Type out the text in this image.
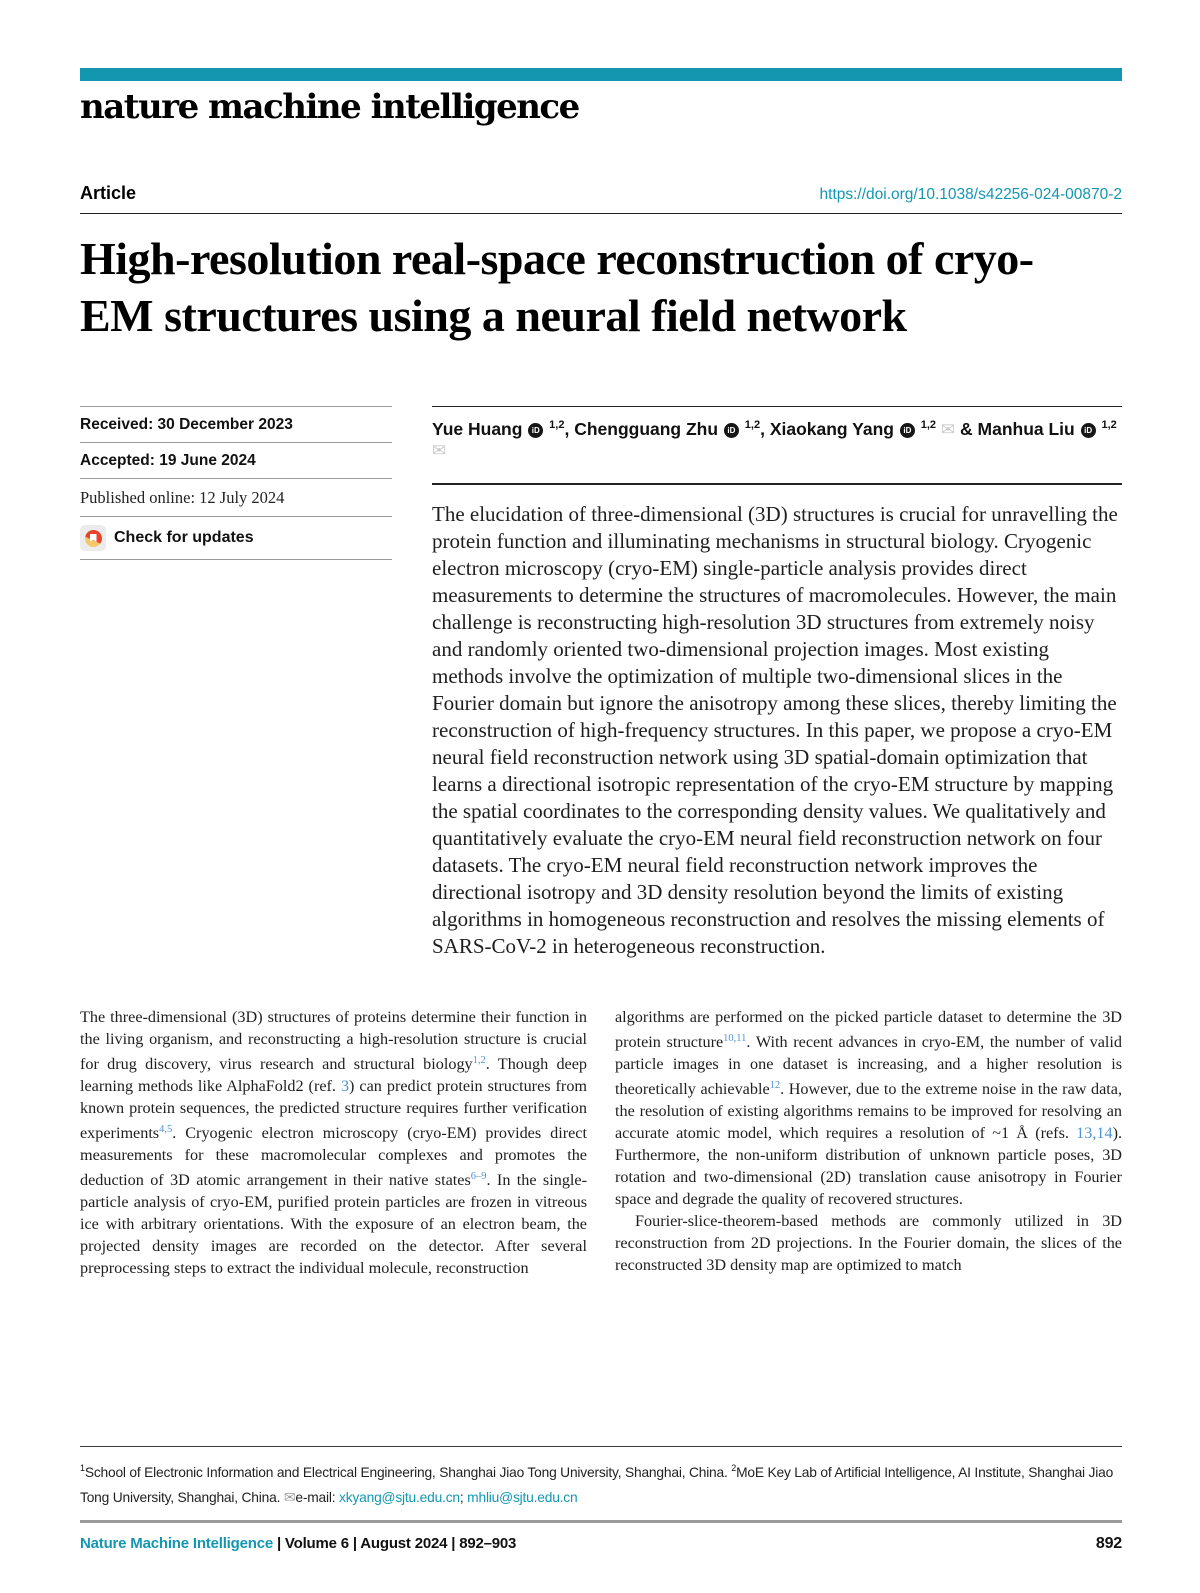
nature machine intelligence
Article	https://doi.org/10.1038/s42256-024-00870-2
High-resolution real-space reconstruction of cryo-EM structures using a neural field network
Received: 30 December 2023
Accepted: 19 June 2024
Published online: 12 July 2024
Check for updates
Yue Huang iD $^{1,2}$, Chengguang Zhu iD $^{1,2}$, Xiaokang Yang iD $^{1,2}$ ✉ & Manhua Liu iD $^{1,2}$ ✉
The elucidation of three-dimensional (3D) structures is crucial for unravelling the protein function and illuminating mechanisms in structural biology. Cryogenic electron microscopy (cryo-EM) single-particle analysis provides direct measurements to determine the structures of macromolecules. However, the main challenge is reconstructing high-resolution 3D structures from extremely noisy and randomly oriented two-dimensional projection images. Most existing methods involve the optimization of multiple two-dimensional slices in the Fourier domain but ignore the anisotropy among these slices, thereby limiting the reconstruction of high-frequency structures. In this paper, we propose a cryo-EM neural field reconstruction network using 3D spatial-domain optimization that learns a directional isotropic representation of the cryo-EM structure by mapping the spatial coordinates to the corresponding density values. We qualitatively and quantitatively evaluate the cryo-EM neural field reconstruction network on four datasets. The cryo-EM neural field reconstruction network improves the directional isotropy and 3D density resolution beyond the limits of existing algorithms in homogeneous reconstruction and resolves the missing elements of SARS-CoV-2 in heterogeneous reconstruction.

The three-dimensional (3D) structures of proteins determine their function in the living organism, and reconstructing a high-resolution structure is crucial for drug discovery, virus research and structural biology$^{1,2}$. Though deep learning methods like AlphaFold2 (ref. 3) can predict protein structures from known protein sequences, the predicted structure requires further verification experiments$^{4,5}$. Cryogenic electron microscopy (cryo-EM) provides direct measurements for these macromolecular complexes and promotes the deduction of 3D atomic arrangement in their native states$^{6-9}$. In the single-particle analysis of cryo-EM, purified protein particles are frozen in vitreous ice with arbitrary orientations. With the exposure of an electron beam, the projected density images are recorded on the detector. After several preprocessing steps to extract the individual molecule, reconstruction

algorithms are performed on the picked particle dataset to determine the 3D protein structure$^{10,11}$. With recent advances in cryo-EM, the number of valid particle images in one dataset is increasing, and a higher resolution is theoretically achievable$^{12}$. However, due to the extreme noise in the raw data, the resolution of existing algorithms remains to be improved for resolving an accurate atomic model, which requires a resolution of ~1 Å (refs. 13,14). Furthermore, the non-uniform distribution of unknown particle poses, 3D rotation and two-dimensional (2D) translation cause anisotropy in Fourier space and degrade the quality of recovered structures.

Fourier-slice-theorem-based methods are commonly utilized in 3D reconstruction from 2D projections. In the Fourier domain, the slices of the reconstructed 3D density map are optimized to match

$^1$School of Electronic Information and Electrical Engineering, Shanghai Jiao Tong University, Shanghai, China. $^2$MoE Key Lab of Artificial Intelligence, AI Institute, Shanghai Jiao Tong University, Shanghai, China. ✉e-mail: xkyang@sjtu.edu.cn; mhliu@sjtu.edu.cn
Nature Machine Intelligence | Volume 6 | August 2024 | 892–903	892
